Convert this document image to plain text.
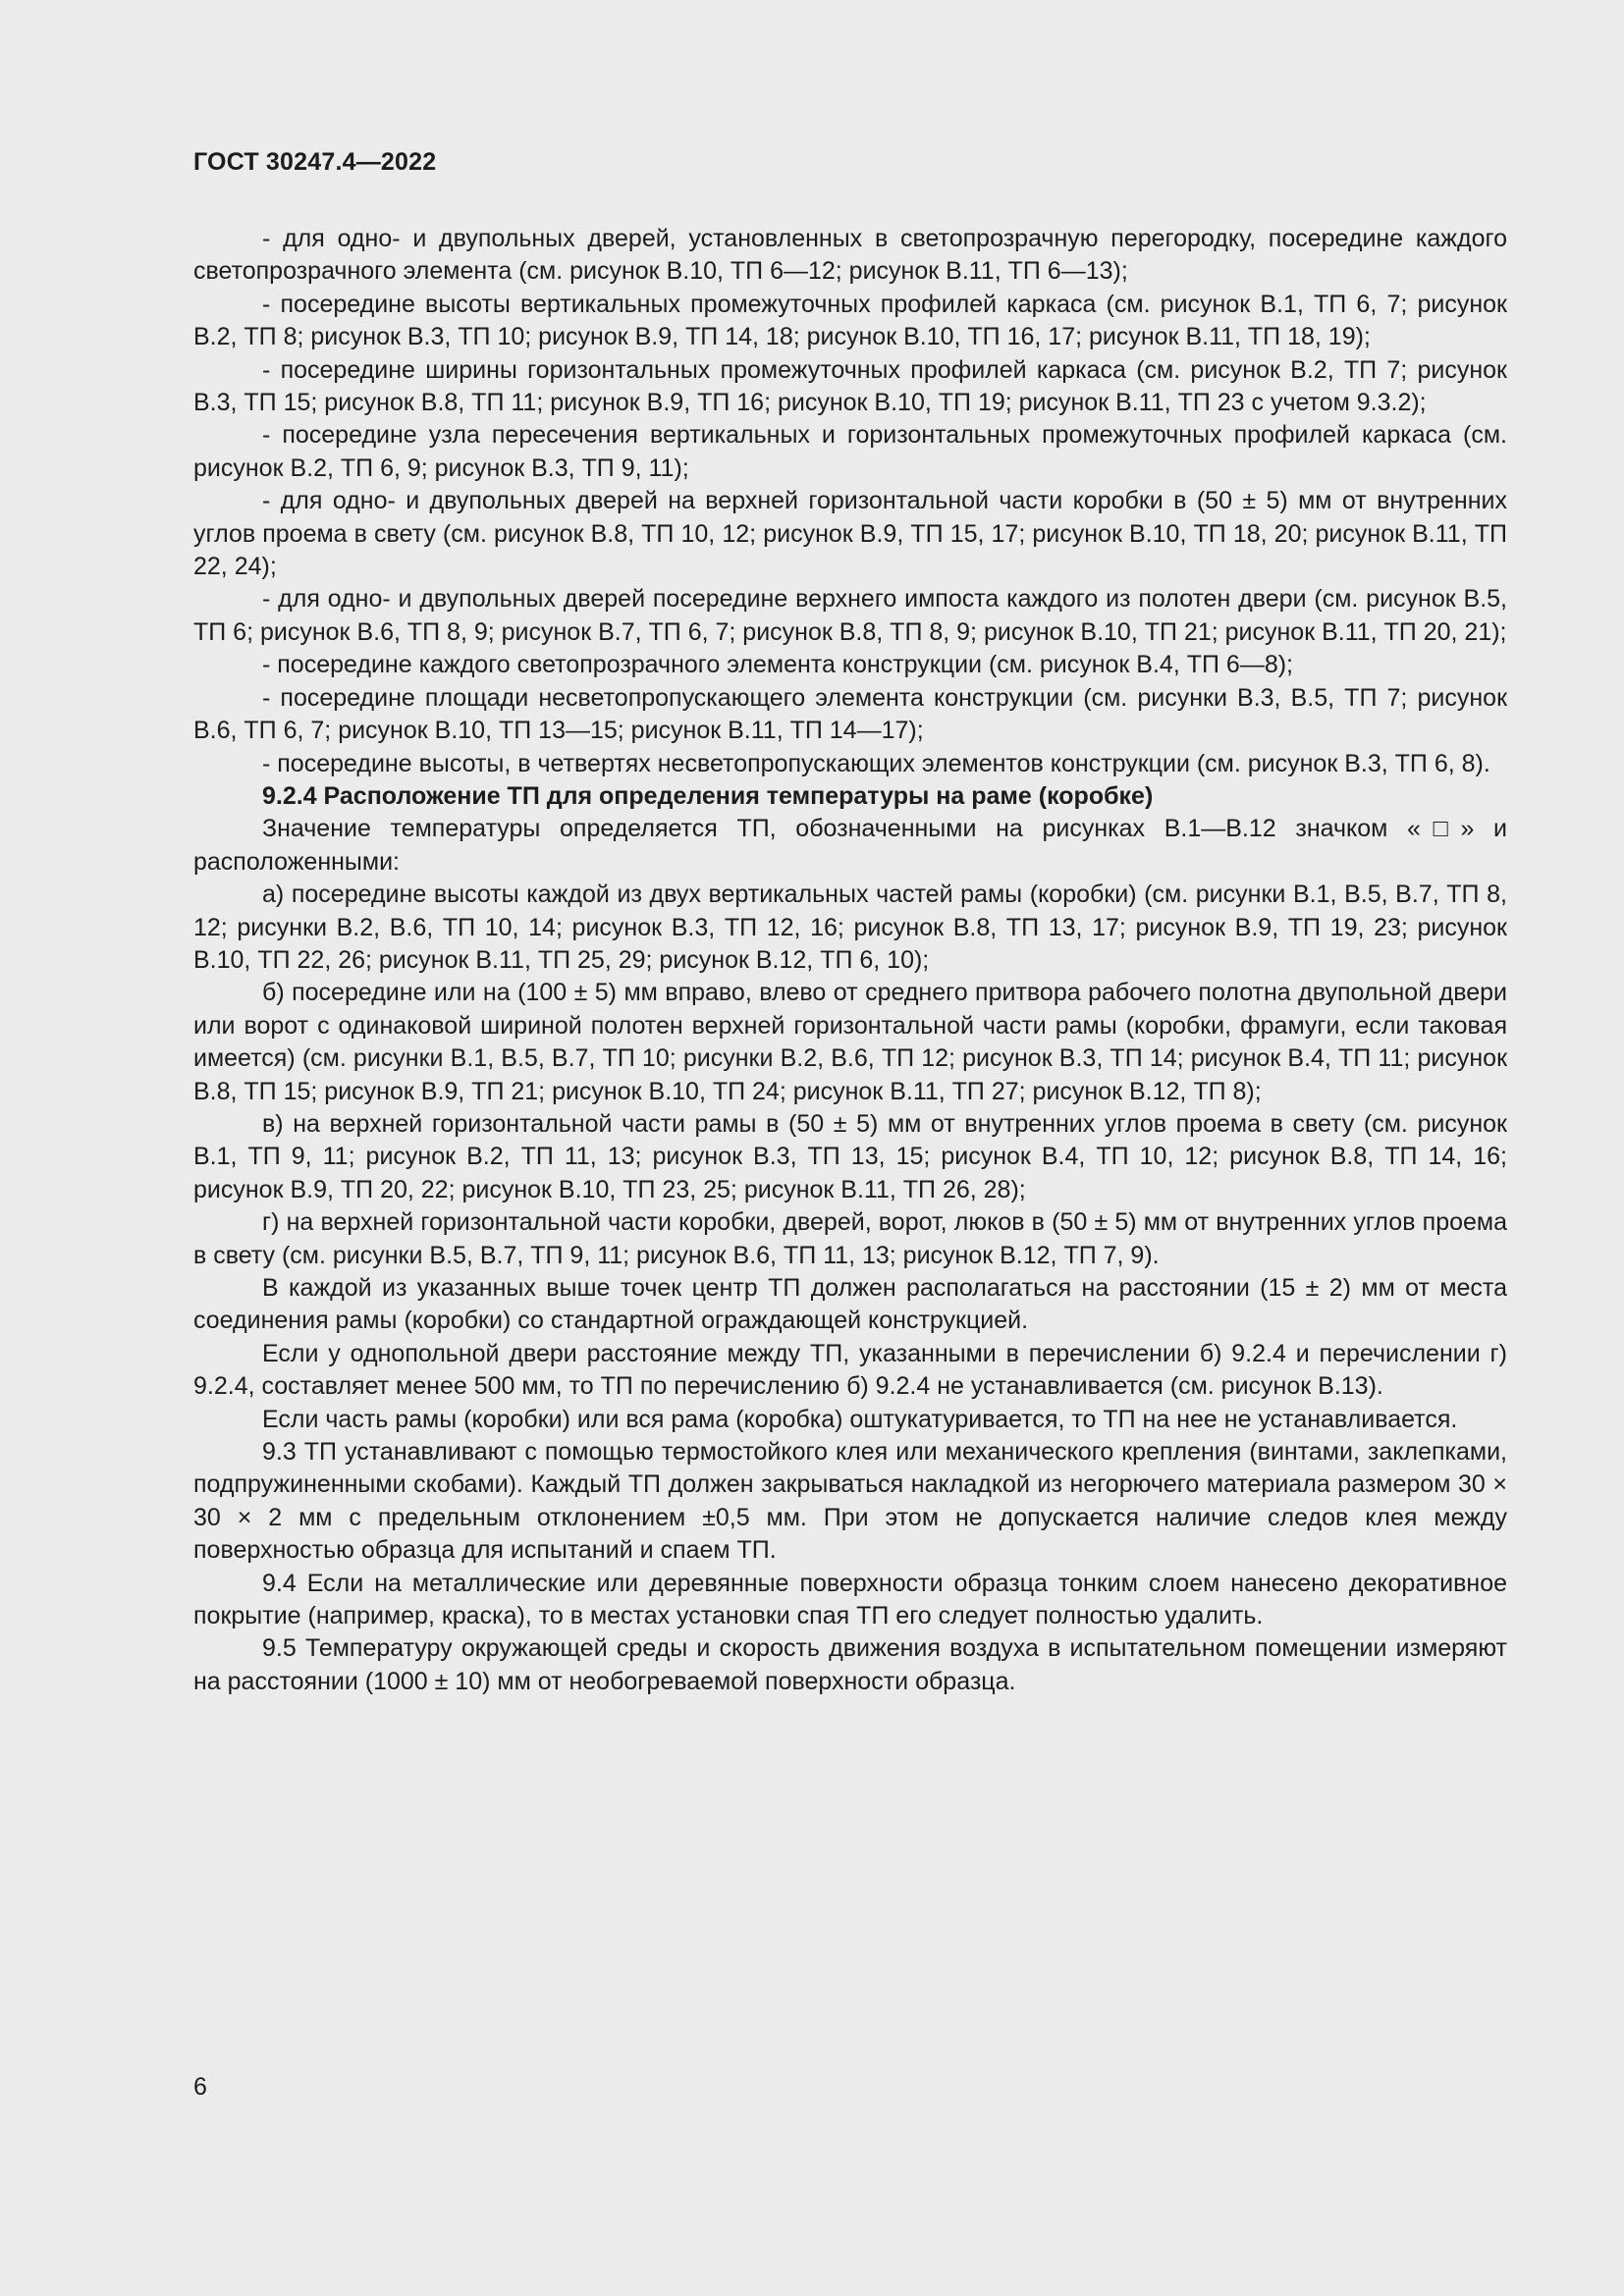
ГОСТ 30247.4—2022

- для одно- и двупольных дверей, установленных в светопрозрачную перегородку, посередине каждого светопрозрачного элемента (см. рисунок В.10, ТП 6—12; рисунок В.11, ТП 6—13);

- посередине высоты вертикальных промежуточных профилей каркаса (см. рисунок В.1, ТП 6, 7; рисунок В.2, ТП 8; рисунок В.3, ТП 10; рисунок В.9, ТП 14, 18; рисунок В.10, ТП 16, 17; рисунок В.11, ТП 18, 19);

- посередине ширины горизонтальных промежуточных профилей каркаса (см. рисунок В.2, ТП 7; рисунок В.3, ТП 15; рисунок В.8, ТП 11; рисунок В.9, ТП 16; рисунок В.10, ТП 19; рисунок В.11, ТП 23 с учетом 9.3.2);

- посередине узла пересечения вертикальных и горизонтальных промежуточных профилей каркаса (см. рисунок В.2, ТП 6, 9; рисунок В.3, ТП 9, 11);

- для одно- и двупольных дверей на верхней горизонтальной части коробки в (50 ± 5) мм от внутренних углов проема в свету (см. рисунок В.8, ТП 10, 12; рисунок В.9, ТП 15, 17; рисунок В.10, ТП 18, 20; рисунок В.11, ТП 22, 24);

- для одно- и двупольных дверей посередине верхнего импоста каждого из полотен двери (см. рисунок В.5, ТП 6; рисунок В.6, ТП 8, 9; рисунок В.7, ТП 6, 7; рисунок В.8, ТП 8, 9; рисунок В.10, ТП 21; рисунок В.11, ТП 20, 21);

- посередине каждого светопрозрачного элемента конструкции (см. рисунок В.4, ТП 6—8);

- посередине площади несветопропускающего элемента конструкции (см. рисунки В.3, В.5, ТП 7; рисунок В.6, ТП 6, 7; рисунок В.10, ТП 13—15; рисунок В.11, ТП 14—17);

- посередине высоты, в четвертях несветопропускающих элементов конструкции (см. рисунок В.3, ТП 6, 8).

9.2.4 Расположение ТП для определения температуры на раме (коробке)

Значение температуры определяется ТП, обозначенными на рисунках В.1—В.12 значком «□» и расположенными:

а) посередине высоты каждой из двух вертикальных частей рамы (коробки) (см. рисунки В.1, В.5, В.7, ТП 8, 12; рисунки В.2, В.6, ТП 10, 14; рисунок В.3, ТП 12, 16; рисунок В.8, ТП 13, 17; рисунок В.9, ТП 19, 23; рисунок В.10, ТП 22, 26; рисунок В.11, ТП 25, 29; рисунок В.12, ТП 6, 10);

б) посередине или на (100 ± 5) мм вправо, влево от среднего притвора рабочего полотна двупольной двери или ворот с одинаковой шириной полотен верхней горизонтальной части рамы (коробки, фрамуги, если таковая имеется) (см. рисунки В.1, В.5, В.7, ТП 10; рисунки В.2, В.6, ТП 12; рисунок В.3, ТП 14; рисунок В.4, ТП 11; рисунок В.8, ТП 15; рисунок В.9, ТП 21; рисунок В.10, ТП 24; рисунок В.11, ТП 27; рисунок В.12, ТП 8);

в) на верхней горизонтальной части рамы в (50 ± 5) мм от внутренних углов проема в свету (см. рисунок В.1, ТП 9, 11; рисунок В.2, ТП 11, 13; рисунок В.3, ТП 13, 15; рисунок В.4, ТП 10, 12; рисунок В.8, ТП 14, 16; рисунок В.9, ТП 20, 22; рисунок В.10, ТП 23, 25; рисунок В.11, ТП 26, 28);

г) на верхней горизонтальной части коробки, дверей, ворот, люков в (50 ± 5) мм от внутренних углов проема в свету (см. рисунки В.5, В.7, ТП 9, 11; рисунок В.6, ТП 11, 13; рисунок В.12, ТП 7, 9).

В каждой из указанных выше точек центр ТП должен располагаться на расстоянии (15 ± 2) мм от места соединения рамы (коробки) со стандартной ограждающей конструкцией.

Если у однопольной двери расстояние между ТП, указанными в перечислении б) 9.2.4 и перечислении г) 9.2.4, составляет менее 500 мм, то ТП по перечислению б) 9.2.4 не устанавливается (см. рисунок В.13).

Если часть рамы (коробки) или вся рама (коробка) оштукатуривается, то ТП на нее не устанавливается.

9.3 ТП устанавливают с помощью термостойкого клея или механического крепления (винтами, заклепками, подпружиненными скобами). Каждый ТП должен закрываться накладкой из негорючего материала размером 30 × 30 × 2 мм с предельным отклонением ±0,5 мм. При этом не допускается наличие следов клея между поверхностью образца для испытаний и спаем ТП.

9.4 Если на металлические или деревянные поверхности образца тонким слоем нанесено декоративное покрытие (например, краска), то в местах установки спая ТП его следует полностью удалить.

9.5 Температуру окружающей среды и скорость движения воздуха в испытательном помещении измеряют на расстоянии (1000 ± 10) мм от необогреваемой поверхности образца.

6
